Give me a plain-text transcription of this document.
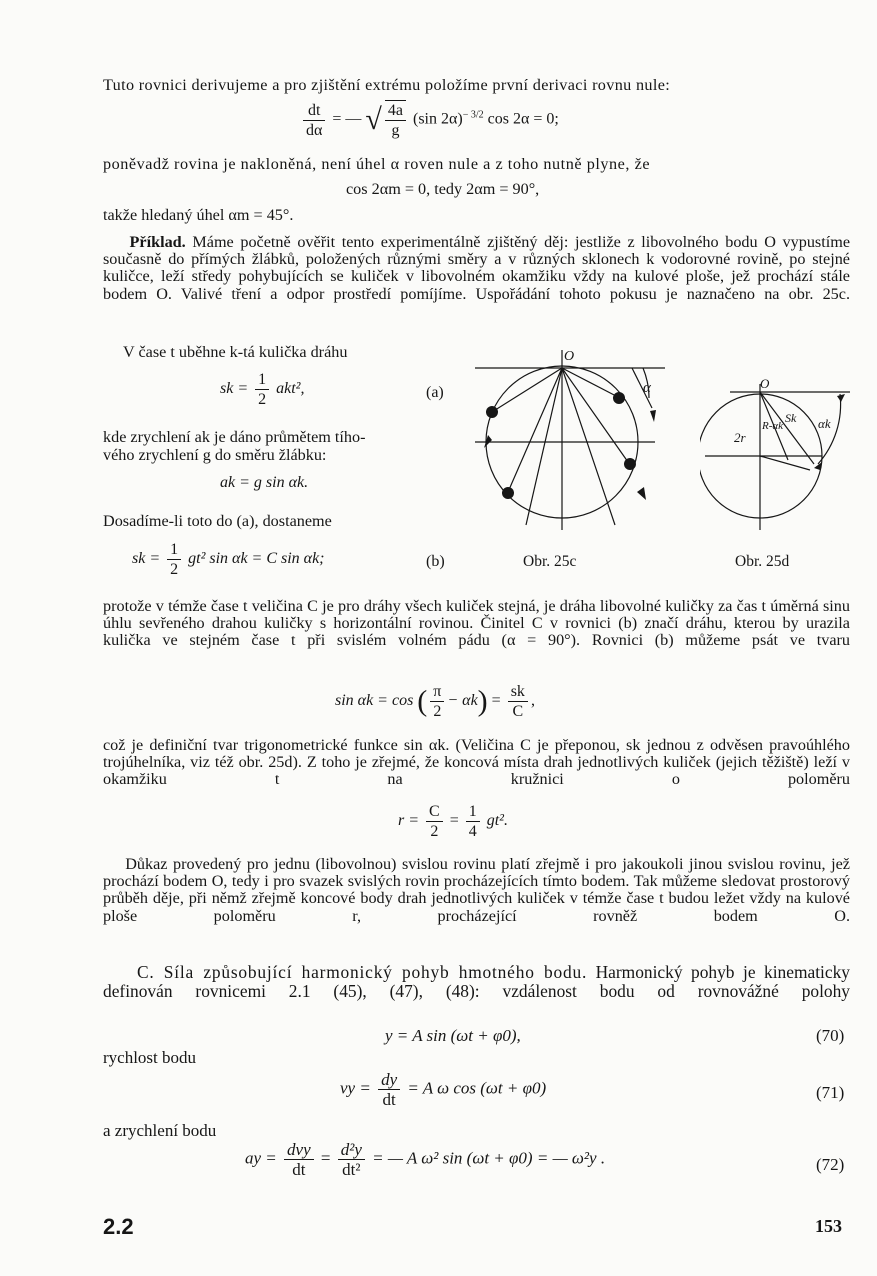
Tuto rovnici derivujeme a pro zjištění extrému položíme první derivaci rovnu nule:
$\frac{dt}{d\alpha}$ = — √ $\frac{4a}{g} (\sin$ 2α)$^{- 3/2}$ cos 2α = 0;
poněvadž rovina je nakloněná, není úhel α roven nule a z toho nutně plyne, že
cos 2αm = 0, tedy 2αm = 90°,
takže hledaný úhel αm = 45°.
Příklad. Máme početně ověřit tento experimentálně zjištěný děj: jestliže z libovolného bodu O vypustíme současně do přímých žlábků, položených různými směry a v různých sklonech k vodorovné rovině, po stejné kuličce, leží středy pohybujících se kuliček v libovolném okamžiku vždy na kulové ploše, jež prochází stále bodem O. Valivé tření a odpor prostředí pomíjíme. Uspořádání tohoto pokusu je naznačeno na obr. 25c.
V čase t uběhne k-tá kulička dráhu
sk = $\frac{1}{2} akt^2$,	(a)
kde zrychlení ak je dáno průmětem tího-
vého zrychlení g do směru žlábku:
ak = g sin αk.
Dosadíme-li toto do (a), dostaneme
sk = $\frac{1}{2} gt^2$ sin αk = C sin αk;	(b)
O
α
Obr. 25c
O
2r
R-αk
Sk αk
Obr. 25d
protože v témže čase t veličina C je pro dráhy všech kuliček stejná, je dráha libovolné kuličky za čas t úměrná sinu úhlu sevřeného drahou kuličky s horizontální rovinou. Činitel C v rovnici (b) značí dráhu, kterou by urazila kulička ve stejném čase t při svislém volném pádu (α = 90°). Rovnici (b) můžeme psát ve tvaru
sin αk = cos ( $\frac{\pi}{2} - \alpha k) = \frac{sk}{C}$ ,
což je definiční tvar trigonometrické funkce sin αk. (Veličina C je přeponou, sk jednou z odvěsen pravoúhlého trojúhelníka, viz též obr. 25d). Z toho je zřejmé, že koncová místa drah jednotlivých kuliček (jejich těžiště) leží v okamžiku t na kružnici o poloměru
$r = \frac{C}{2} = \frac{1}{4} gt^2$.
Důkaz provedený pro jednu (libovolnou) svislou rovinu platí zřejmě i pro jakoukoli jinou svislou rovinu, jež prochází bodem O, tedy i pro svazek svislých rovin procházejících tímto bodem. Tak můžeme sledovat prostorový průběh děje, při němž zřejmě koncové body drah jednotlivých kuliček v témže čase t budou ležet vždy na kulové ploše poloměru r, procházející rovněž bodem O.
C. Síla způsobující harmonický pohyb hmotného bodu. Harmonický pohyb je kinematicky definován rovnicemi 2.1 (45), (47), (48): vzdálenost bodu od rovnovážné polohy
y = A sin (ωt + φ0),	(70)
rychlost bodu
vy = $\frac{dy}{dt} = A$ ω cos (ωt + φ0)	(71)
a zrychlení bodu
ay = $\frac{\text{dvy}}{dt} = \frac{\text{d²y}}{\text{dt²}}$ = — A ω² sin (ωt + φ0) = — ω²y .	(72)
2.2	153
